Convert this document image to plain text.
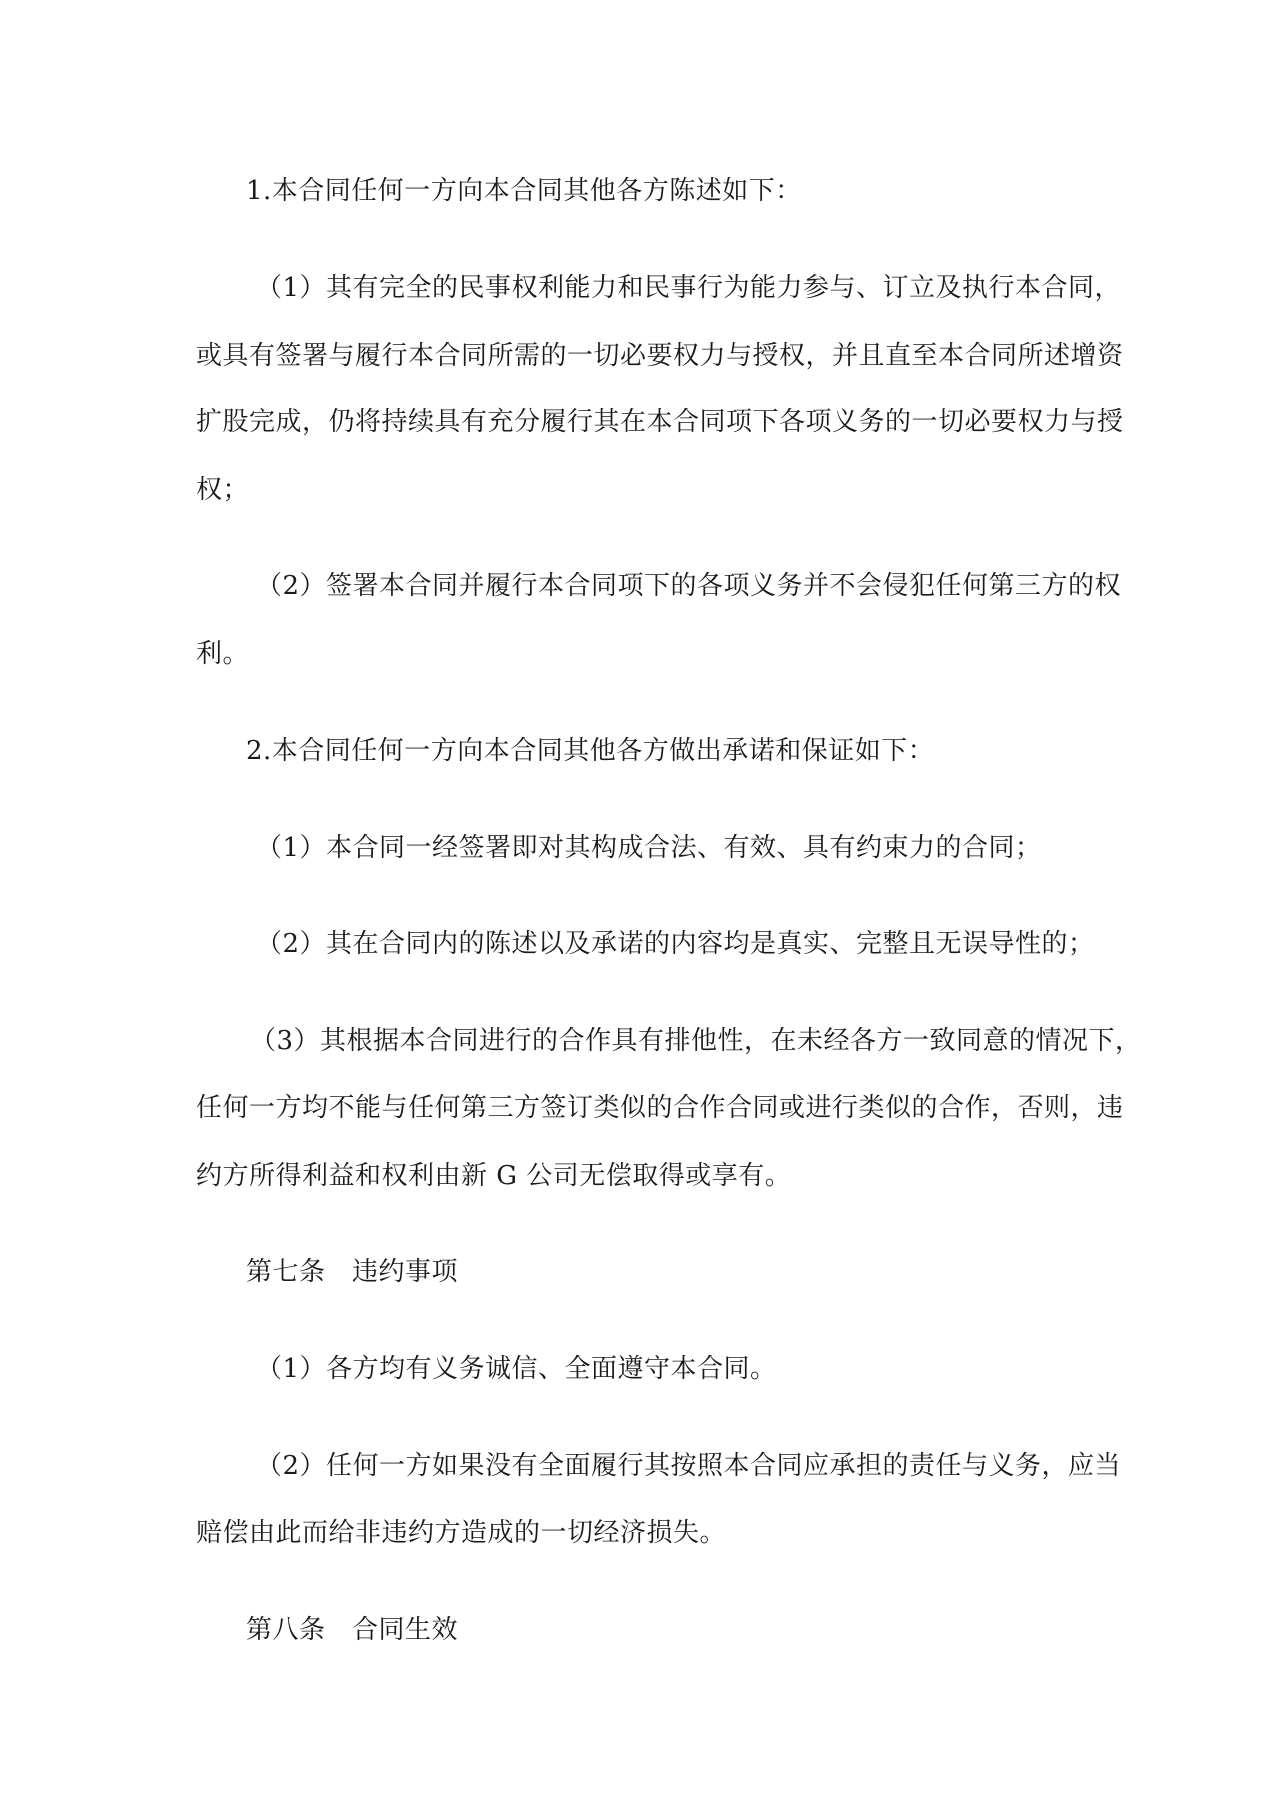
1.本合同任何一方向本合同其他各方陈述如下：
（1）其有完全的民事权利能力和民事行为能力参与、订立及执行本合同，
或具有签署与履行本合同所需的一切必要权力与授权，并且直至本合同所述增资
扩股完成，仍将持续具有充分履行其在本合同项下各项义务的一切必要权力与授
权；
（2）签署本合同并履行本合同项下的各项义务并不会侵犯任何第三方的权
利。
2.本合同任何一方向本合同其他各方做出承诺和保证如下：
（1）本合同一经签署即对其构成合法、有效、具有约束力的合同；
（2）其在合同内的陈述以及承诺的内容均是真实、完整且无误导性的；
（3）其根据本合同进行的合作具有排他性，在未经各方一致同意的情况下，
任何一方均不能与任何第三方签订类似的合作合同或进行类似的合作，否则，违
约方所得利益和权利由新 G 公司无偿取得或享有。
第七条　违约事项
（1）各方均有义务诚信、全面遵守本合同。
（2）任何一方如果没有全面履行其按照本合同应承担的责任与义务，应当
赔偿由此而给非违约方造成的一切经济损失。
第八条　合同生效
